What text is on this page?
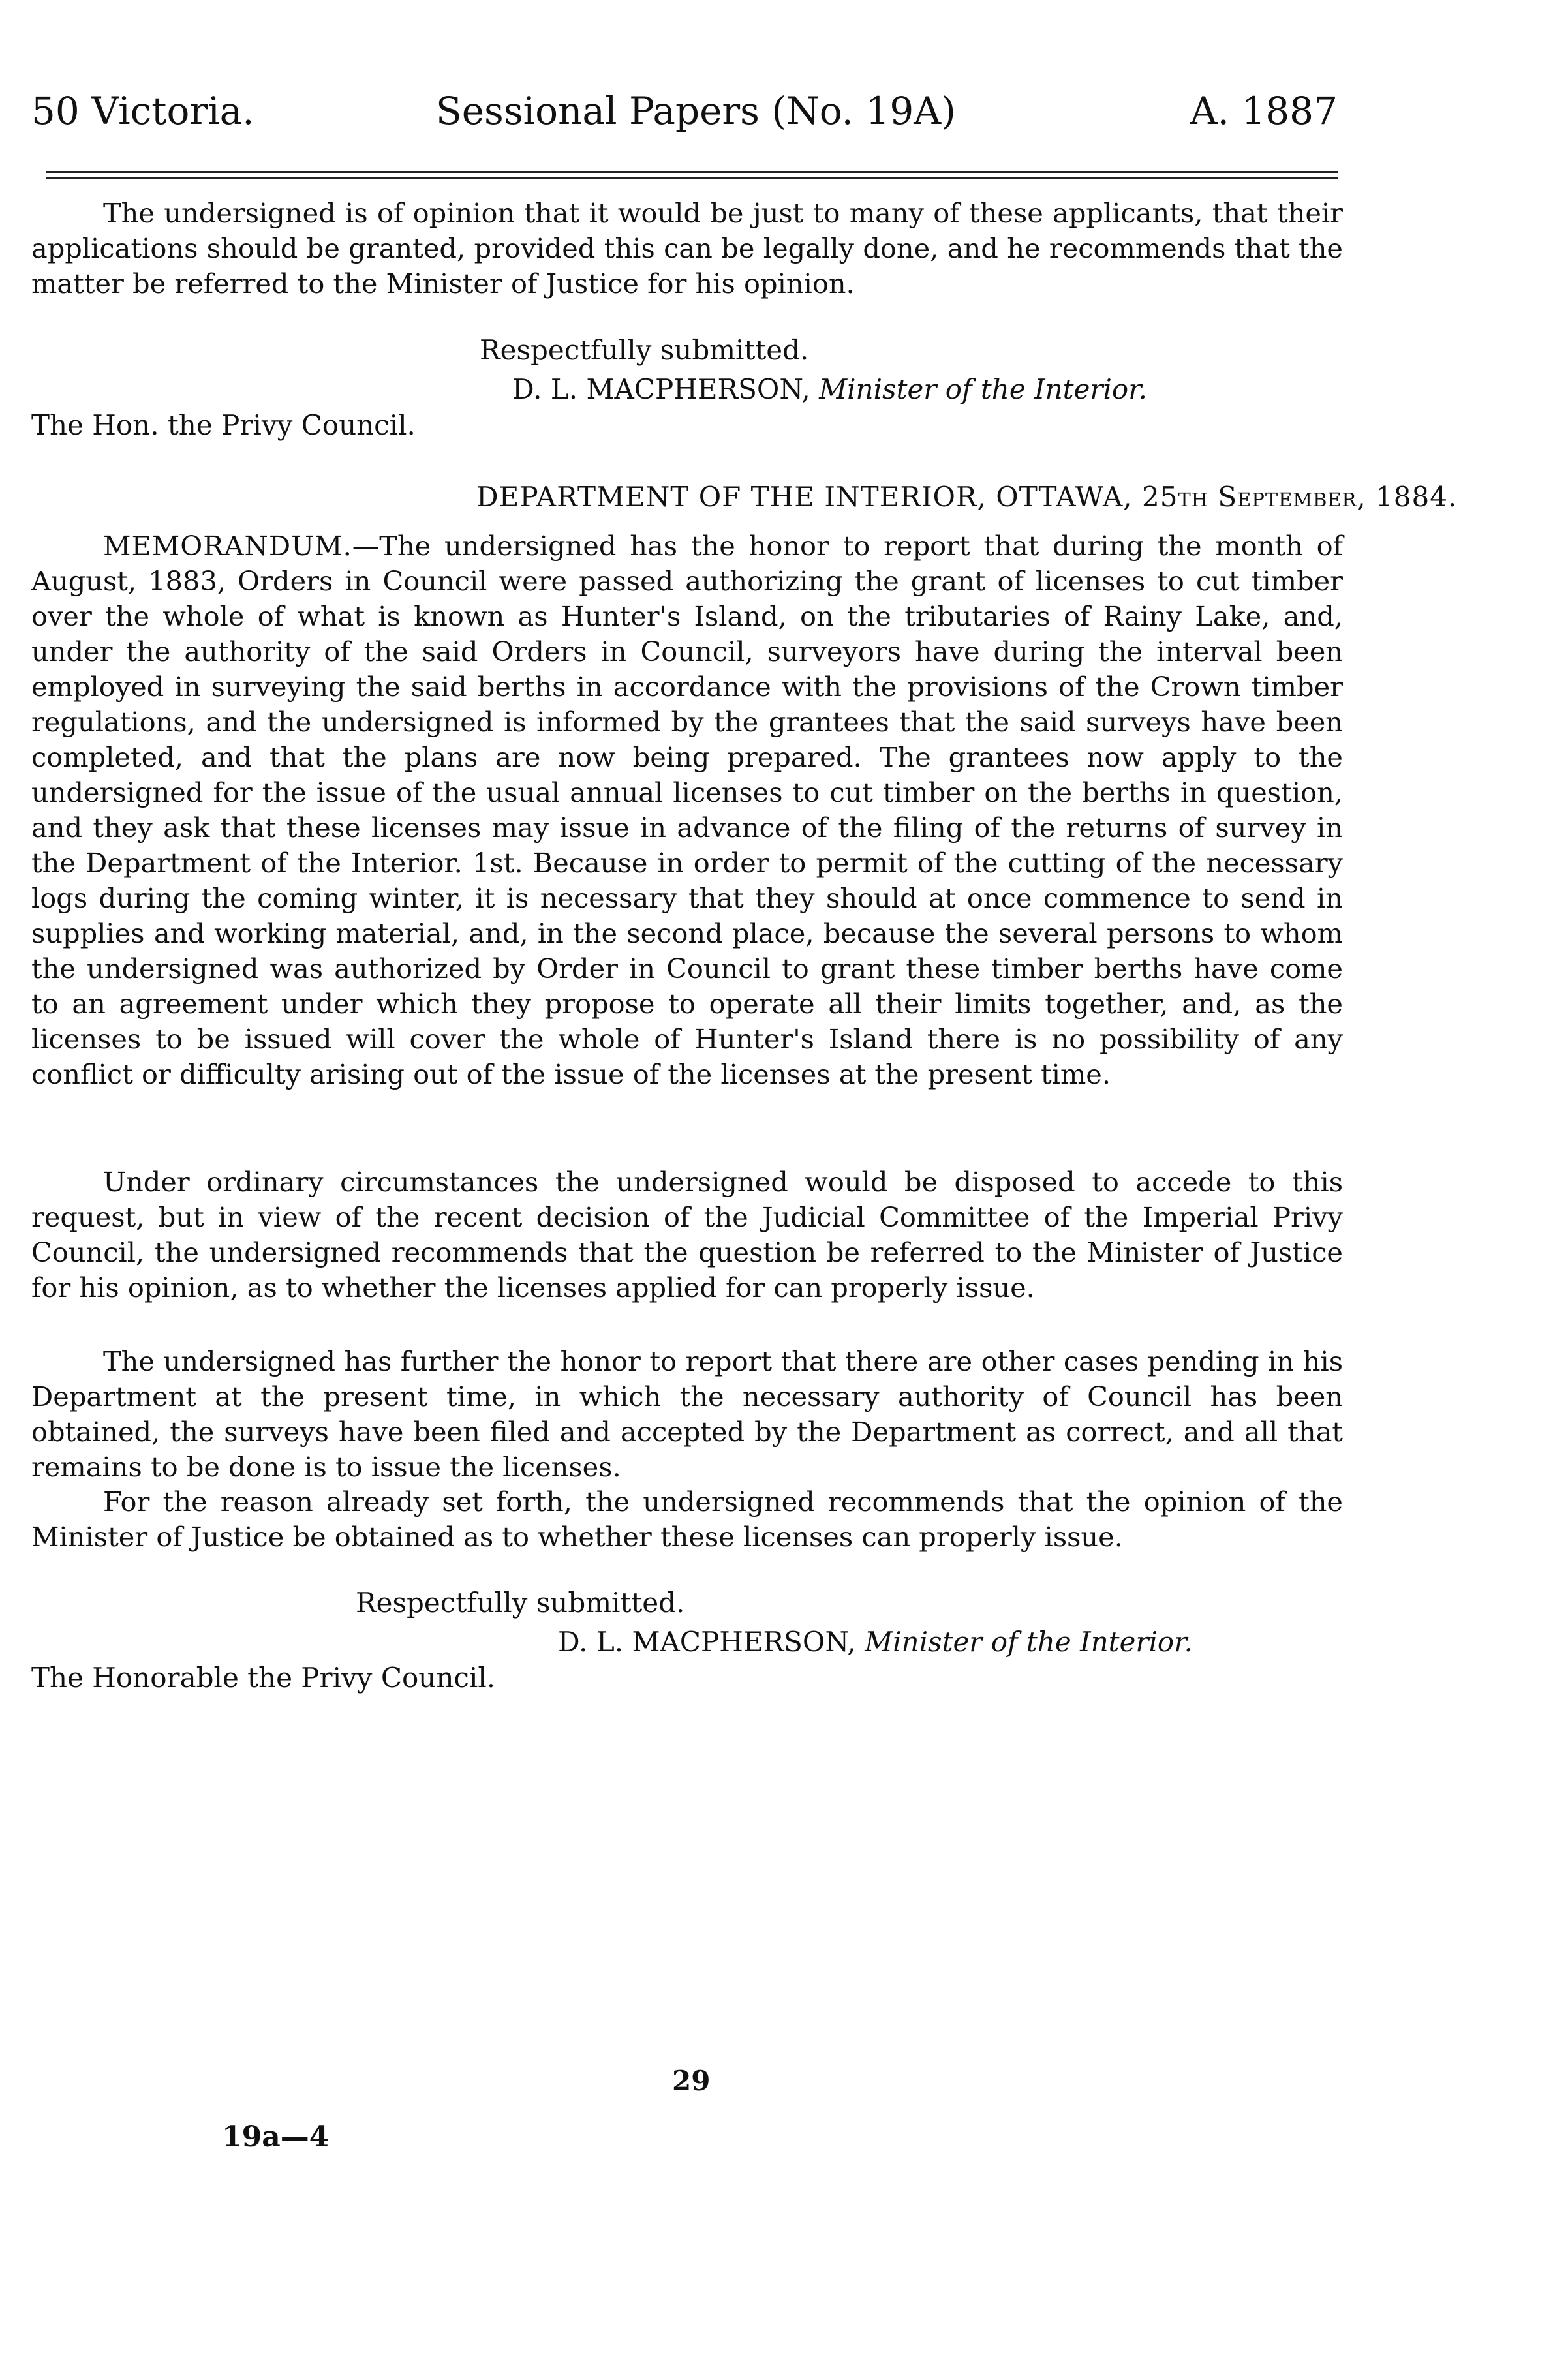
50 Victoria.	Sessional Papers (No. 19A)	A. 1887

The undersigned is of opinion that it would be just to many of these applicants, that their applications should be granted, provided this can be legally done, and he recommends that the matter be referred to the Minister of Justice for his opinion.

Respectfully submitted.
D. L. MACPHERSON, Minister of the Interior.
The Hon. the Privy Council.
DEPARTMENT OF THE INTERIOR, OTTAWA, 25th September, 1884.

MEMORANDUM.—The undersigned has the honor to report that during the month of August, 1883, Orders in Council were passed authorizing the grant of licenses to cut timber over the whole of what is known as Hunter's Island, on the tributaries of Rainy Lake, and, under the authority of the said Orders in Council, surveyors have during the interval been employed in surveying the said berths in accordance with the provisions of the Crown timber regulations, and the undersigned is informed by the grantees that the said surveys have been completed, and that the plans are now being prepared. The grantees now apply to the undersigned for the issue of the usual annual licenses to cut timber on the berths in question, and they ask that these licenses may issue in advance of the filing of the returns of survey in the Department of the Interior. 1st. Because in order to permit of the cutting of the necessary logs during the coming winter, it is necessary that they should at once commence to send in supplies and working material, and, in the second place, because the several persons to whom the undersigned was authorized by Order in Council to grant these timber berths have come to an agreement under which they propose to operate all their limits together, and, as the licenses to be issued will cover the whole of Hunter's Island there is no possibility of any conflict or difficulty arising out of the issue of the licenses at the present time.

Under ordinary circumstances the undersigned would be disposed to accede to this request, but in view of the recent decision of the Judicial Committee of the Imperial Privy Council, the undersigned recommends that the question be referred to the Minister of Justice for his opinion, as to whether the licenses applied for can properly issue.

The undersigned has further the honor to report that there are other cases pending in his Department at the present time, in which the necessary authority of Council has been obtained, the surveys have been filed and accepted by the Department as correct, and all that remains to be done is to issue the licenses.

For the reason already set forth, the undersigned recommends that the opinion of the Minister of Justice be obtained as to whether these licenses can properly issue.

Respectfully submitted.
D. L. MACPHERSON, Minister of the Interior.
The Honorable the Privy Council.
29
19a—4
